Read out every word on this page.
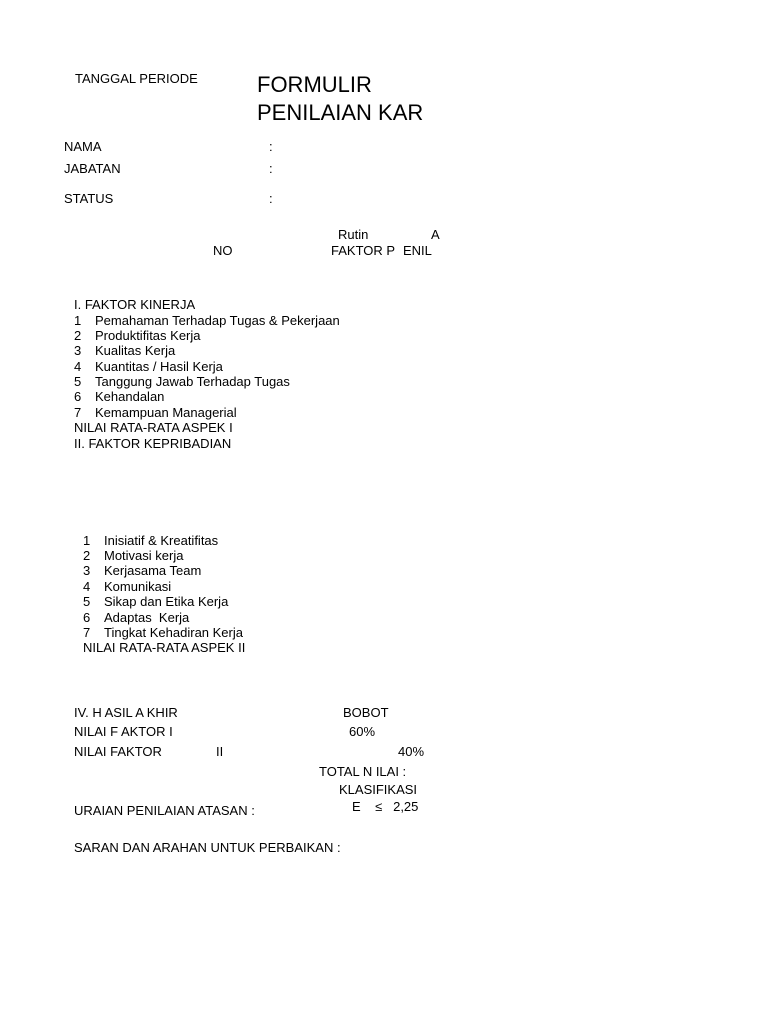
TANGGAL PERIODE	FORMULIR
PENILAIAN KAR
NAMA	:
JABATAN	:
STATUS	:
Rutin	A
NO	FAKTOR P ENIL
I. FAKTOR KINERJA
1 Pemahaman Terhadap Tugas & Pekerjaan
2 Produktifitas Kerja
3 Kualitas Kerja
4 Kuantitas / Hasil Kerja
5 Tanggung Jawab Terhadap Tugas
6 Kehandalan
7 Kemampuan Managerial
NILAI RATA-RATA ASPEK I
II. FAKTOR KEPRIBADIAN
1 Inisiatif & Kreatifitas
2 Motivasi kerja
3 Kerjasama Team
4 Komunikasi
5 Sikap dan Etika Kerja
6 Adaptas  Kerja
7 Tingkat Kehadiran Kerja
NILAI RATA-RATA ASPEK II
IV. H ASIL A KHIR	BOBOT
NILAI F AKTOR I	60%
NILAI FAKTOR	II	40%
TOTAL N ILAI :
KLASIFIKASI
E    ≤   2,25
URAIAN PENILAIAN ATASAN :
SARAN DAN ARAHAN UNTUK PERBAIKAN :
